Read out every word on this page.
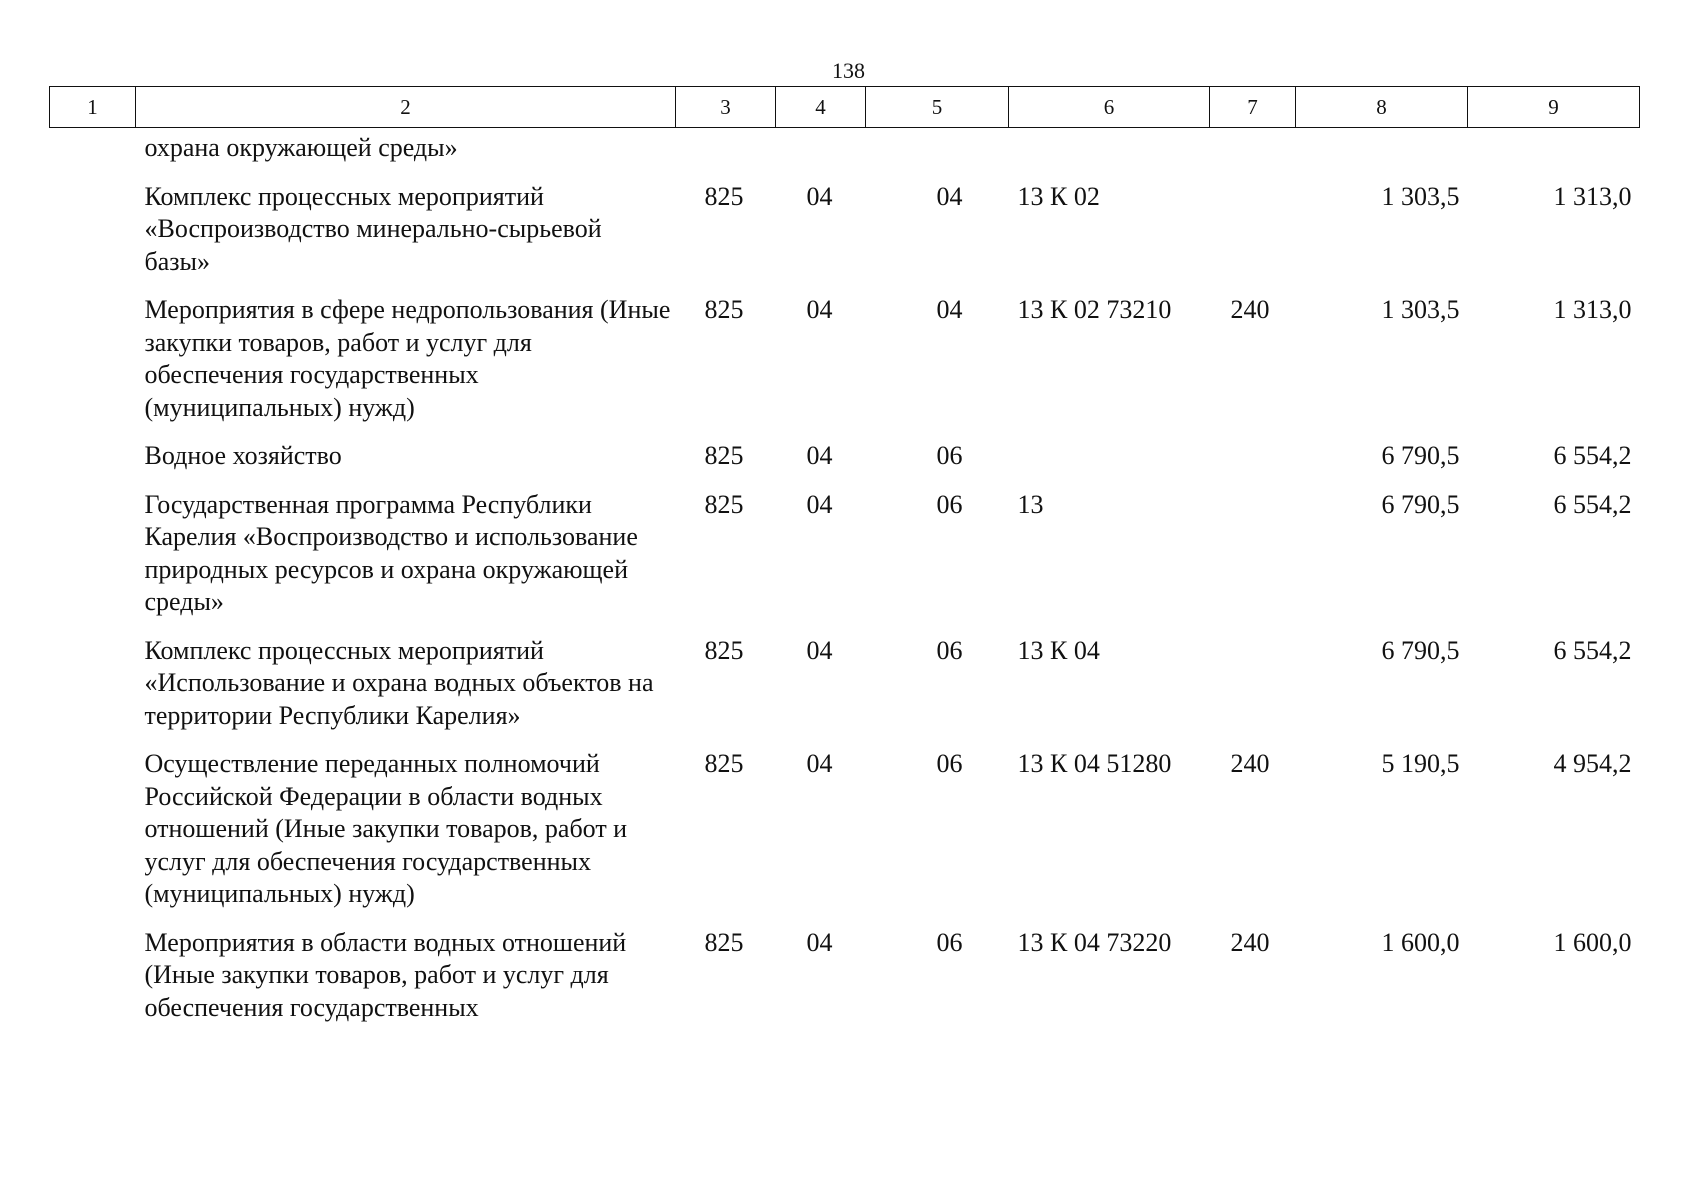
138
1	2	3	4	5	6	7	8	9
	охрана окружающей среды»							
	Комплекс процессных мероприятий «Воспроизводство минерально-сырьевой базы»	825	04	04	13 К 02		1 303,5	1 313,0
	Мероприятия в сфере недропользования (Иные закупки товаров, работ и услуг для обеспечения государственных (муниципальных) нужд)	825	04	04	13 К 02 73210	240	1 303,5	1 313,0
	Водное хозяйство	825	04	06			6 790,5	6 554,2
	Государственная программа Республики Карелия «Воспроизводство и использование природных ресурсов и охрана окружающей среды»	825	04	06	13		6 790,5	6 554,2
	Комплекс процессных мероприятий «Использование и охрана водных объектов на территории Республики Карелия»	825	04	06	13 К 04		6 790,5	6 554,2
	Осуществление переданных полномочий Российской Федерации в области водных отношений (Иные закупки товаров, работ и услуг для обеспечения государственных (муниципальных) нужд)	825	04	06	13 К 04 51280	240	5 190,5	4 954,2
	Мероприятия в области водных отношений (Иные закупки товаров, работ и услуг для обеспечения государственных	825	04	06	13 К 04 73220	240	1 600,0	1 600,0
